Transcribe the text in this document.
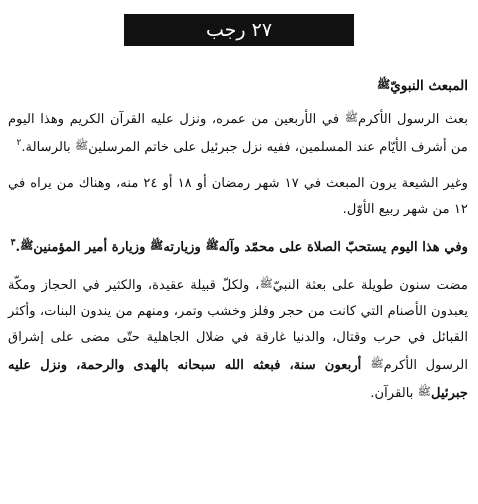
٢٧ رجب
المبعث النبويّﷺ

بعث الرسول الأكرمﷺ في الأربعين من عمره، ونزل عليه القرآن الكريم وهذا اليوم من أشرف الأيّام عند المسلمين، ففيه نزل جبرئيل على خاتم المرسلينﷺ بالرسالة.$^٢$

وغير الشيعة يرون المبعث في ١٧ شهر رمضان أو ١٨ أو ٢٤ منه، وهناك من يراه في ١٢ من شهر ربيع الأوّل.

وفي هذا اليوم يستحبّ الصلاة على محمّد وآلهﷺ وزيارتهﷺ وزيارة أمير المؤمنينﷺ.$^٣$

مضت سنون طويلة على بعثة النبيّﷺ، ولكلّ قبيلة عقيدة، والكثير في الحجاز ومكّة يعبدون الأصنام التي كانت من حجر وفلز وخشب وتمر، ومنهم من يندون البنات، وأكثر القبائل في حرب وقتال، والدنيا غارقة في ضلال الجاهلية حتّى مضى على إشراق الرسول الأكرمﷺ أربعون سنة، فبعثه الله سبحانه بالهدى والرحمة، ونزل عليه جبرئيلﷺ بالقرآن.
